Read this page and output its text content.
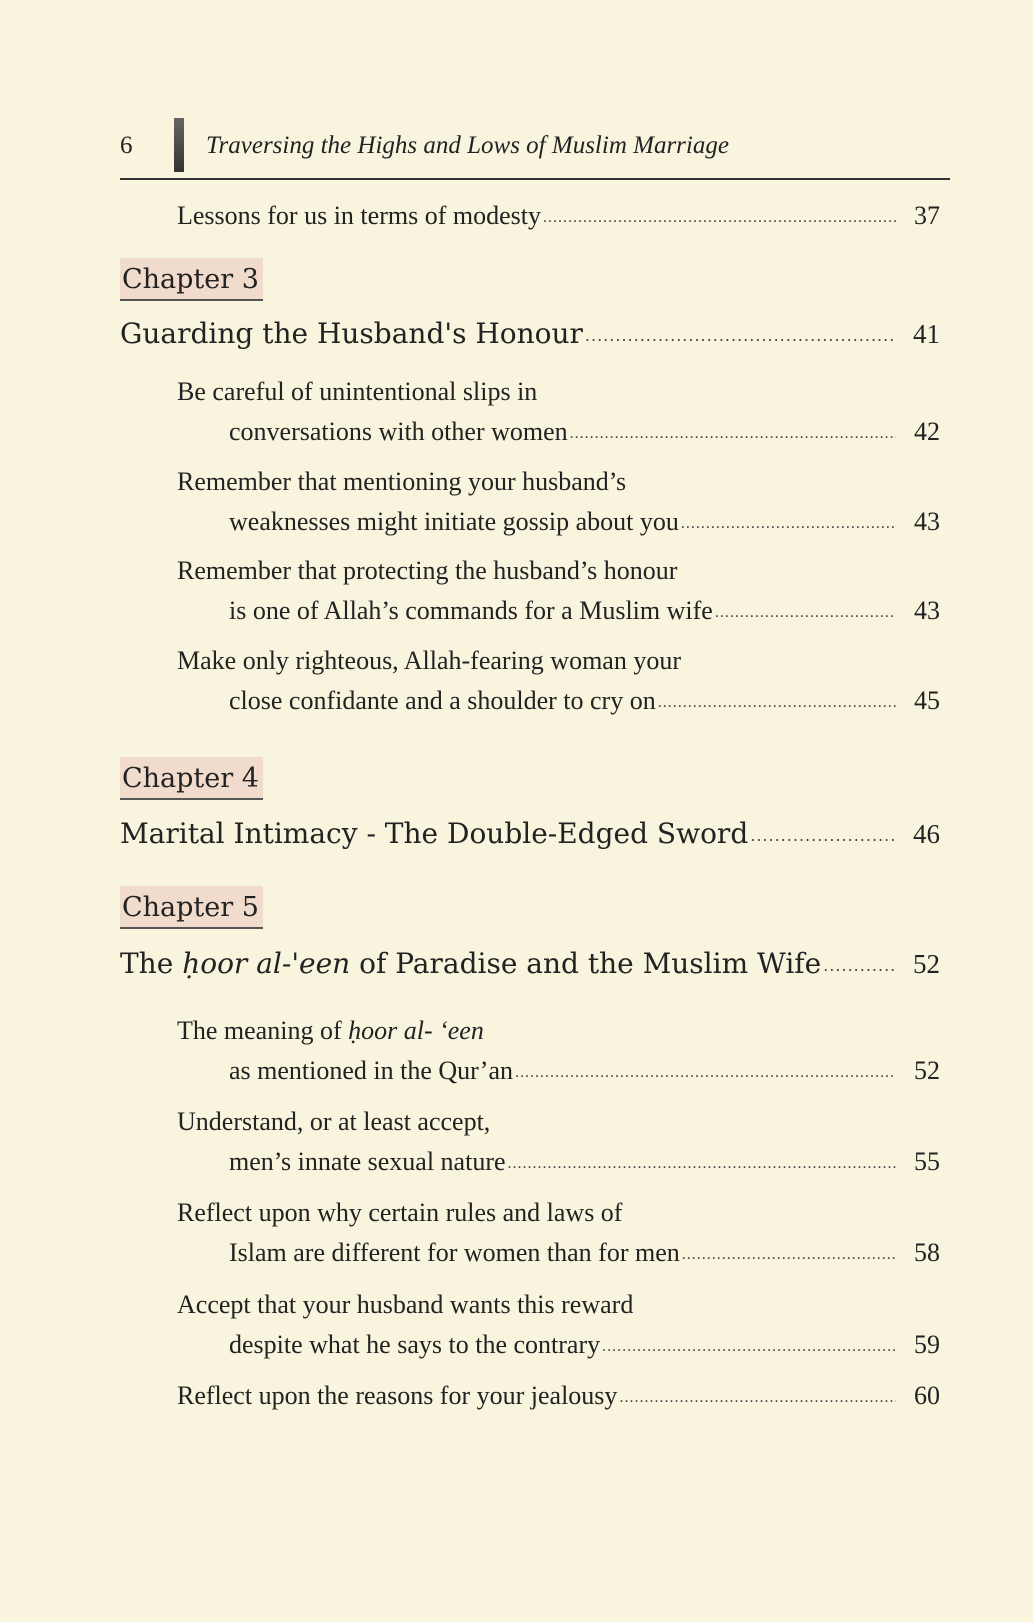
6	Traversing the Highs and Lows of Muslim Marriage
Lessons for us in terms of modesty .....	37
Chapter 3
Guarding the Husband's Honour .....	41
Be careful of unintentional slips in
conversations with other women .....	42
Remember that mentioning your husband’s
weaknesses might initiate gossip about you .....	43
Remember that protecting the husband’s honour
is one of Allah’s commands for a Muslim wife .....	43
Make only righteous, Allah-fearing woman your
close confidante and a shoulder to cry on .....	45
Chapter 4
Marital Intimacy - The Double-Edged Sword .....	46
Chapter 5
The ḥoor al-'een of Paradise and the Muslim Wife .....	52
The meaning of ḥoor al- ‘een
as mentioned in the Qur’an .....	52
Understand, or at least accept,
men’s innate sexual nature .....	55
Reflect upon why certain rules and laws of
Islam are different for women than for men .....	58
Accept that your husband wants this reward
despite what he says to the contrary .....	59
Reflect upon the reasons for your jealousy .....	60
